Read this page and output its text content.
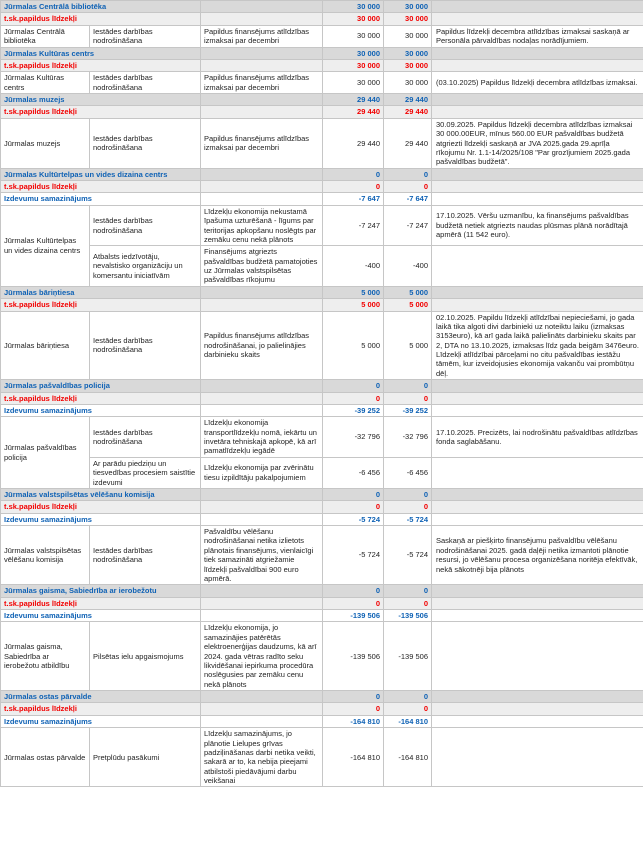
Jūrmalas Centrālā bibliotēka			30 000	30 000	
t.sk.papildus līdzekļi			30 000	30 000	
Jūrmalas Centrālā bibliotēka	Iestādes darbības nodrošināšana	Papildus finansējums atlīdzības izmaksai par decembri	30 000	30 000	Papildus līdzekļi decembra atlīdzības izmaksai saskaņā ar Personāla pārvaldības nodaļas norādījumiem.
Jūrmalas Kultūras centrs			30 000	30 000	
t.sk.papildus līdzekļi			30 000	30 000	
Jūrmalas Kultūras centrs	Iestādes darbības nodrošināšana	Papildus finansējums atlīdzības izmaksai par decembri	30 000	30 000	(03.10.2025) Papildus līdzekļi decembra atlīdzības izmaksai.
Jūrmalas muzejs			29 440	29 440	
t.sk.papildus līdzekļi			29 440	29 440	
Jūrmalas muzejs	Iestādes darbības nodrošināšana	Papildus finansējums atlīdzības izmaksai par decembri	29 440	29 440	30.09.2025. Papildus līdzekļi decembra atlīdzības izmaksai 30 000.00EUR, mīnus 560.00 EUR pašvaldības budžetā atgriezti līdzekļi saskaņā ar JVA 2025.gada 29.aprīļa rīkojumu Nr. 1.1-14/2025/108 "Par grozījumiem 2025.gada pašvaldības budžetā".
Jūrmalas Kultūrtelpas un vides dizaina centrs			0	0	
t.sk.papildus līdzekļi			0	0	
Izdevumu samazinājums			-7 647	-7 647	
Jūrmalas Kultūrtelpas un vides dizaina centrs	Iestādes darbības nodrošināšana	Līdzekļu ekonomija nekustamā īpašuma uzturēšanā - līgums par teritorijas apkopšanu noslēgts par zemāku cenu nekā plānots	-7 247	-7 247	17.10.2025. Vēršu uzmanību, ka finansējums pašvaldības budžetā netiek atgriezts naudas plūsmas plānā norādītajā apmērā (11 542 euro).
	Atbalsts iedzīvotāju, nevalstisko organizāciju un komersantu iniciatīvām	Finansējums atgriezts pašvaldības budžetā pamatojoties uz Jūrmalas valstspilsētas pašvaldības rīkojumu	-400	-400	
Jūrmalas bāriņtiesa			5 000	5 000	
t.sk.papildus līdzekļi			5 000	5 000	
Jūrmalas bāriņtiesa	Iestādes darbības nodrošināšana	Papildus finansējums atlīdzības nodrošināšanai, jo palielinājies darbinieku skaits	5 000	5 000	02.10.2025. Papildu līdzekļi atlīdzībai nepieciešami, jo gada laikā tika algoti divi darbinieki uz noteiktu laiku (izmaksas 3153euro), kā arī gada laikā palielināts darbinieku skaits par 2, DTA no 13.10.2025, izmaksas līdz gada beigām 3476euro. Līdzekļi atlīdzībai pārceļami no citu pašvaldības iestāžu tāmēm, kur izveidojusies ekonomija vakanču vai prombūtņu dēļ.
Jūrmalas pašvaldības policija			0	0	
t.sk.papildus līdzekļi			0	0	
Izdevumu samazinājums			-39 252	-39 252	
Jūrmalas pašvaldības policija	Iestādes darbības nodrošināšana	Līdzekļu ekonomija transportlīdzekļu nomā, iekārtu un invetāra tehniskajā apkopē, kā arī pamatlīdzekļu iegādē	-32 796	-32 796	17.10.2025. Precizēts, lai nodrošinātu pašvaldības atlīdzības fonda saglabāšanu.
	Ar parādu piedziņu un tiesvedības procesiem saistītie izdevumi	Līdzekļu ekonomija par zvērinātu tiesu izpildītāju pakalpojumiem	-6 456	-6 456	
Jūrmalas valstspilsētas vēlēšanu komisija			0	0	
t.sk.papildus līdzekļi			0	0	
Izdevumu samazinājums			-5 724	-5 724	
Jūrmalas valstspilsētas vēlēšanu komisija	Iestādes darbības nodrošināšana	Pašvaldību vēlēšanu nodrošināšanai netika izlietots plānotais finansējums, vienlaicīgi tiek samazināti atgriežamie līdzekļi pašvaldībai 900 euro apmērā.	-5 724	-5 724	Saskaņā ar piešķirto finansējumu pašvaldību vēlēšanu nodrošināšanai 2025. gadā daļēji netika izmantoti plānotie resursi, jo vēlēšanu procesa organizēšana noritēja efektīvāk, nekā sākotnēji bija plānots
Jūrmalas gaisma, Sabiedrība ar ierobežotu			0	0	
t.sk.papildus līdzekļi			0	0	
Izdevumu samazinājums			-139 506	-139 506	
Jūrmalas gaisma, Sabiedrība ar ierobežotu atbildību	Pilsētas ielu apgaismojums	Līdzekļu ekonomija, jo samazinājies patērētās elektroenerģijas daudzums, kā arī 2024. gada vētras radīto seku likvidēšanai iepirkuma procedūra noslēgusies par zemāku cenu nekā plānots	-139 506	-139 506	
Jūrmalas ostas pārvalde			0	0	
t.sk.papildus līdzekļi			0	0	
Izdevumu samazinājums			-164 810	-164 810	
Jūrmalas ostas pārvalde	Pretplūdu pasākumi	Līdzekļu samazinājums, jo plānotie Lielupes grīvas padziļināšanas darbi netika veikti, sakarā ar to, ka nebija pieejami atbilstoši piedāvājumi darbu veikšanai	-164 810	-164 810	
